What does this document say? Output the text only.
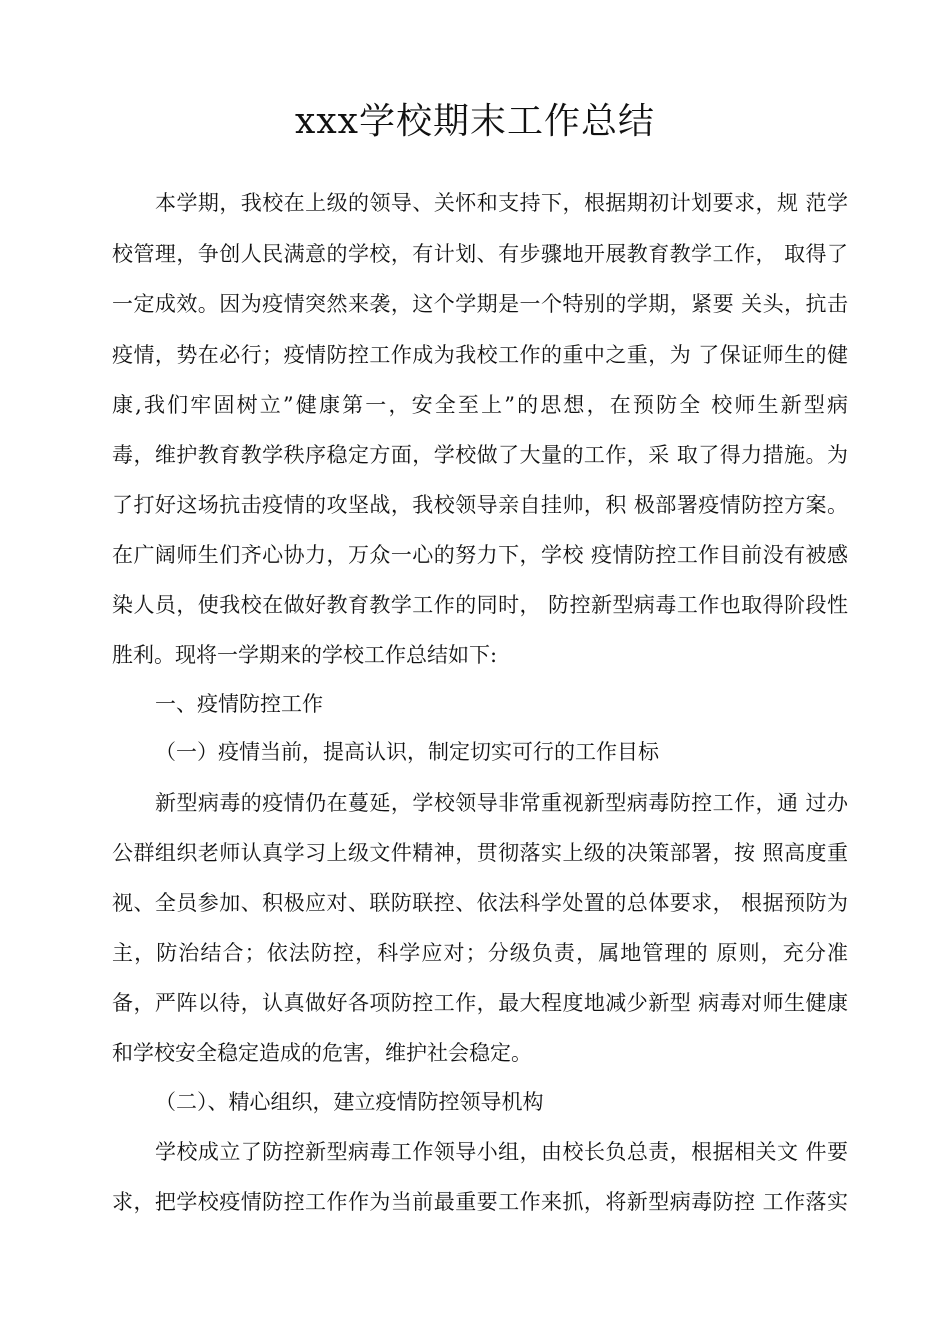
xxx学校期末工作总结
本学期，我校在上级的领导、关怀和支持下，根据期初计划要求，规 范学
校管理，争创人民满意的学校，有计划、有步骤地开展教育教学工作， 取得了
一定成效。因为疫情突然来袭，这个学期是一个特别的学期，紧要 关头，抗击
疫情，势在必行；疫情防控工作成为我校工作的重中之重，为 了保证师生的健
康,我们牢固树立”健康第一，安全至上”的思想，在预防全 校师生新型病
毒，维护教育教学秩序稳定方面，学校做了大量的工作，采 取了得力措施。为
了打好这场抗击疫情的攻坚战，我校领导亲自挂帅，积 极部署疫情防控方案。
在广阔师生们齐心协力，万众一心的努力下，学校 疫情防控工作目前没有被感
染人员，使我校在做好教育教学工作的同时， 防控新型病毒工作也取得阶段性
胜利。现将一学期来的学校工作总结如下:
一、疫情防控工作
（一）疫情当前，提高认识，制定切实可行的工作目标
新型病毒的疫情仍在蔓延，学校领导非常重视新型病毒防控工作，通 过办
公群组织老师认真学习上级文件精神，贯彻落实上级的决策部署，按 照高度重
视、全员参加、积极应对、联防联控、依法科学处置的总体要求， 根据预防为
主，防治结合；依法防控，科学应对；分级负责，属地管理的 原则，充分准
备，严阵以待，认真做好各项防控工作，最大程度地减少新型 病毒对师生健康
和学校安全稳定造成的危害，维护社会稳定。
（二）、精心组织，建立疫情防控领导机构
学校成立了防控新型病毒工作领导小组，由校长负总责，根据相关文 件要
求，把学校疫情防控工作作为当前最重要工作来抓，将新型病毒防控 工作落实
